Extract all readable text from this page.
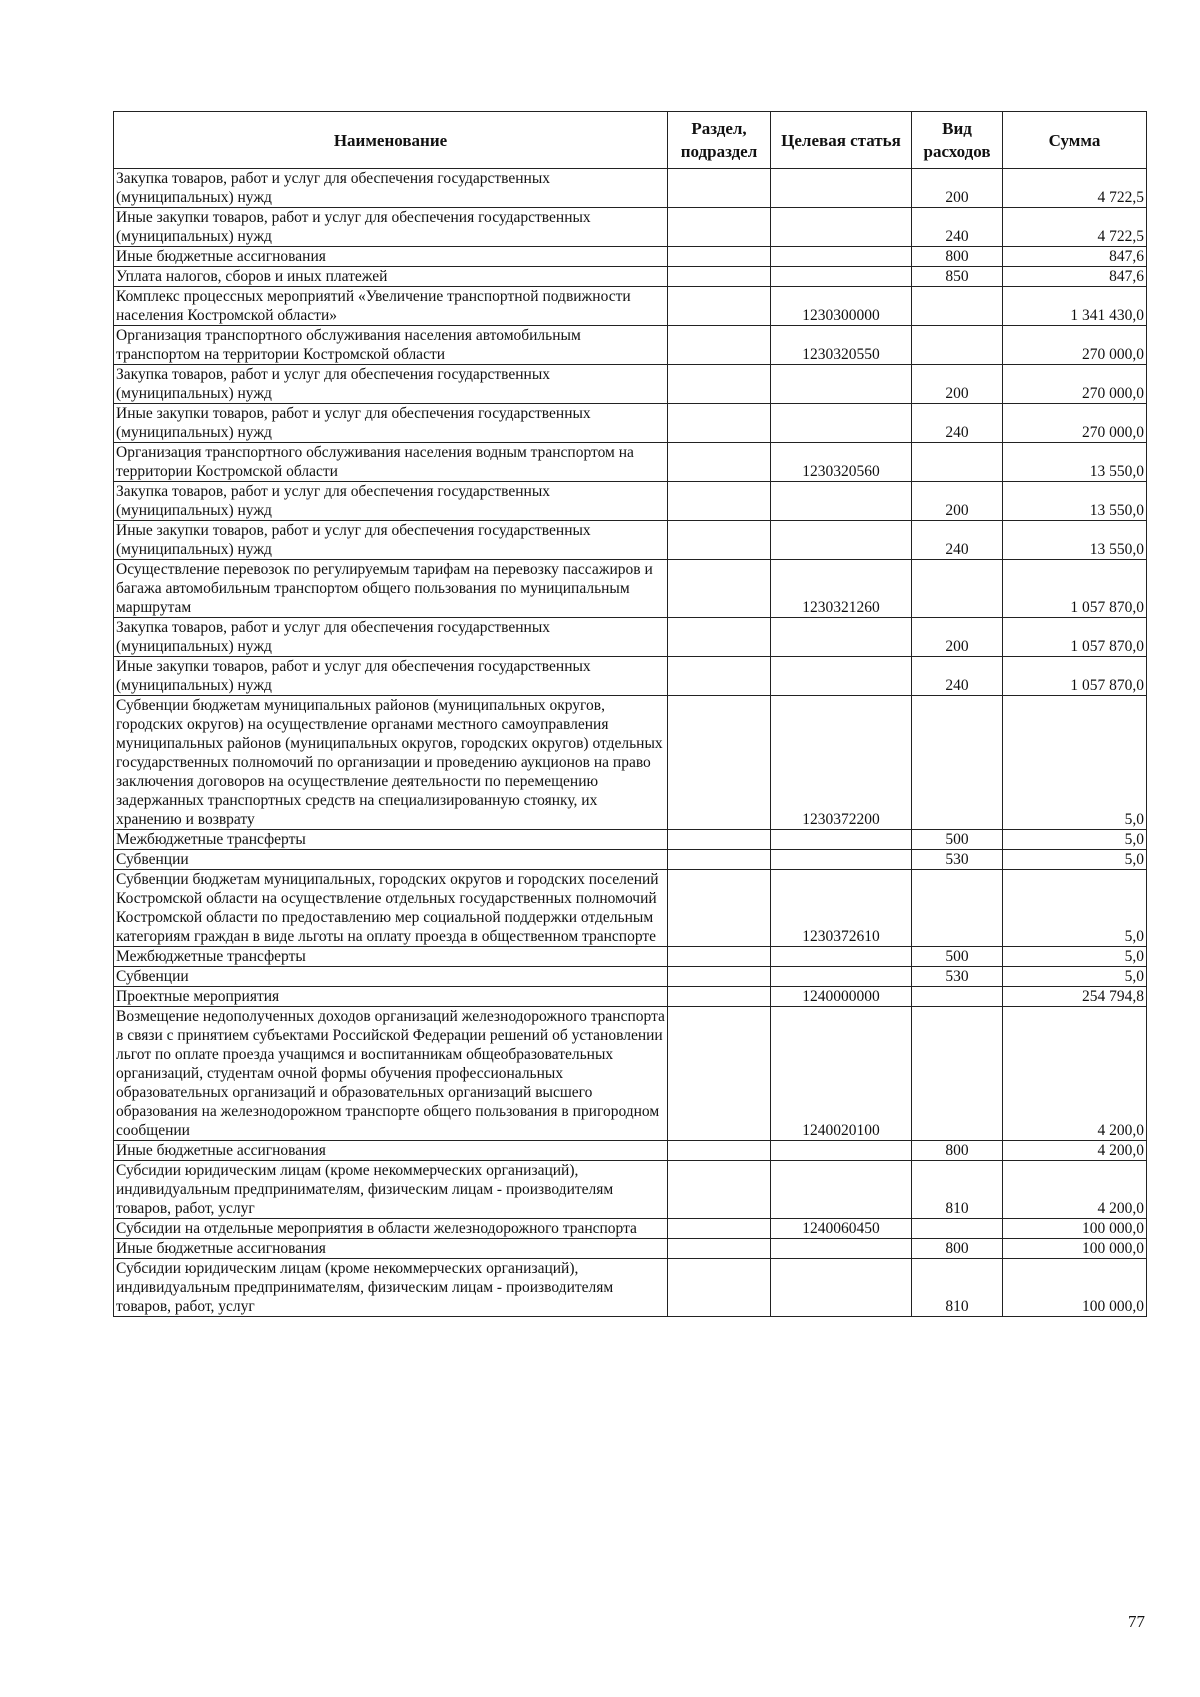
Наименование	Раздел, подраздел	Целевая статья	Вид расходов	Сумма
Закупка товаров, работ и услуг для обеспечения государственных (муниципальных) нужд			200	4 722,5
Иные закупки товаров, работ и услуг для обеспечения государственных (муниципальных) нужд			240	4 722,5
Иные бюджетные ассигнования			800	847,6
Уплата налогов, сборов и иных платежей			850	847,6
Комплекс процессных мероприятий «Увеличение транспортной подвижности населения Костромской области»		1230300000		1 341 430,0
Организация транспортного обслуживания населения автомобильным транспортом на территории Костромской области		1230320550		270 000,0
Закупка товаров, работ и услуг для обеспечения государственных (муниципальных) нужд			200	270 000,0
Иные закупки товаров, работ и услуг для обеспечения государственных (муниципальных) нужд			240	270 000,0
Организация транспортного обслуживания населения водным транспортом на территории Костромской области		1230320560		13 550,0
Закупка товаров, работ и услуг для обеспечения государственных (муниципальных) нужд			200	13 550,0
Иные закупки товаров, работ и услуг для обеспечения государственных (муниципальных) нужд			240	13 550,0
Осуществление перевозок по регулируемым тарифам на перевозку пассажиров и багажа автомобильным транспортом общего пользования по муниципальным маршрутам		1230321260		1 057 870,0
Закупка товаров, работ и услуг для обеспечения государственных (муниципальных) нужд			200	1 057 870,0
Иные закупки товаров, работ и услуг для обеспечения государственных (муниципальных) нужд			240	1 057 870,0
Субвенции бюджетам муниципальных районов (муниципальных округов, городских округов) на осуществление органами местного самоуправления муниципальных районов (муниципальных округов, городских округов) отдельных государственных полномочий по организации и проведению аукционов на право заключения договоров на осуществление деятельности по перемещению задержанных транспортных средств на специализированную стоянку, их хранению и возврату		1230372200		5,0
Межбюджетные трансферты			500	5,0
Субвенции			530	5,0
Субвенции бюджетам муниципальных, городских округов и городских поселений Костромской области на осуществление отдельных государственных полномочий Костромской области по предоставлению мер социальной поддержки отдельным категориям граждан в виде льготы на оплату проезда в общественном транспорте		1230372610		5,0
Межбюджетные трансферты			500	5,0
Субвенции			530	5,0
Проектные мероприятия		1240000000		254 794,8
Возмещение недополученных доходов организаций железнодорожного транспорта в связи с принятием субъектами Российской Федерации решений об установлении льгот по оплате проезда учащимся и воспитанникам общеобразовательных организаций, студентам очной формы обучения профессиональных образовательных организаций и образовательных организаций высшего образования на железнодорожном транспорте общего пользования в пригородном сообщении		1240020100		4 200,0
Иные бюджетные ассигнования			800	4 200,0
Субсидии юридическим лицам (кроме некоммерческих организаций), индивидуальным предпринимателям, физическим лицам - производителям товаров, работ, услуг			810	4 200,0
Субсидии на отдельные мероприятия в области железнодорожного транспорта		1240060450		100 000,0
Иные бюджетные ассигнования			800	100 000,0
Субсидии юридическим лицам (кроме некоммерческих организаций), индивидуальным предпринимателям, физическим лицам - производителям товаров, работ, услуг			810	100 000,0
77
